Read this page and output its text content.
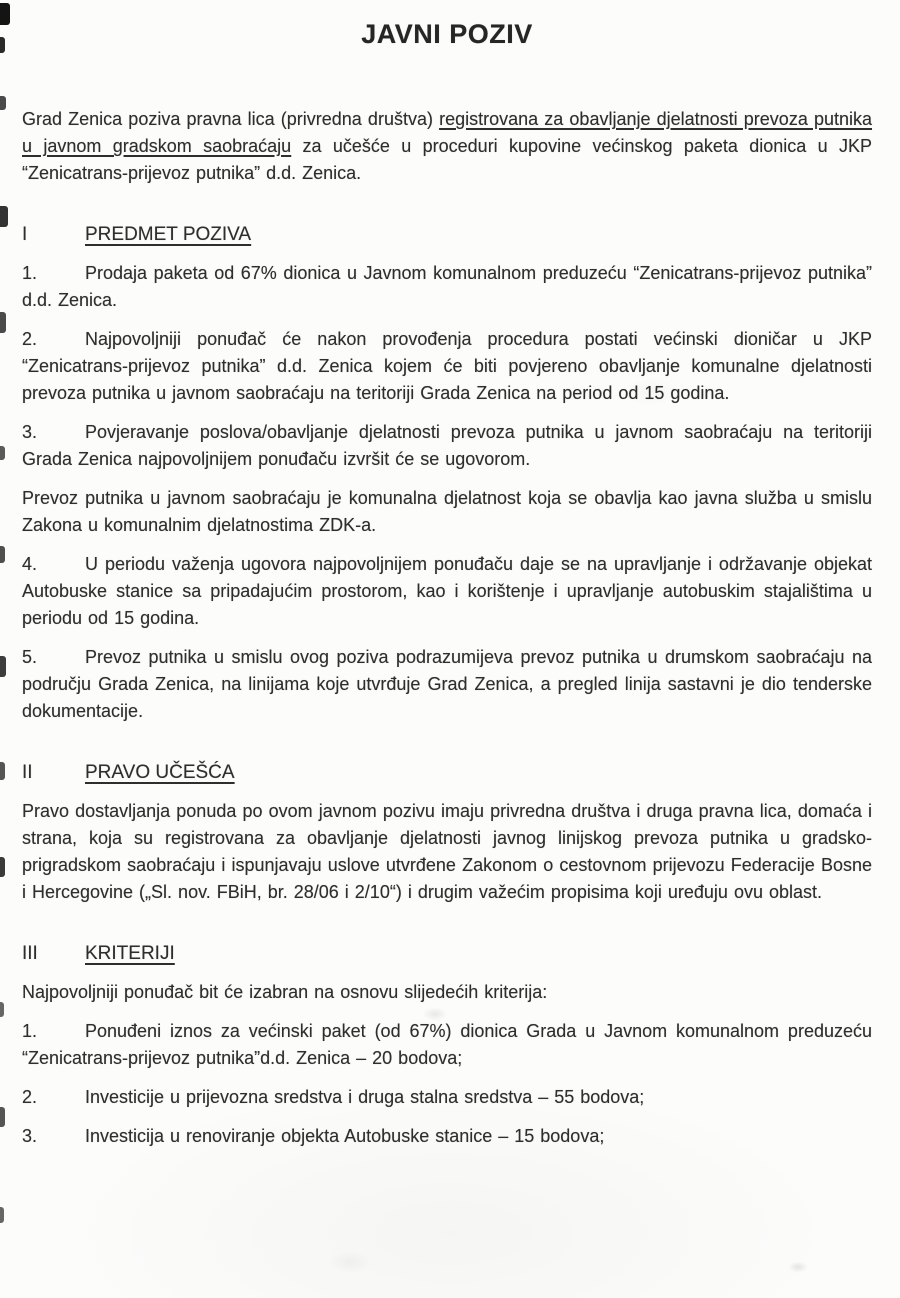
JAVNI POZIV

Grad Zenica poziva pravna lica (privredna društva) registrovana za obavljanje djelatnosti prevoza putnika u javnom gradskom saobraćaju za učešće u proceduri kupovine većinskog paketa dionica u JKP “Zenicatrans-prijevoz putnika” d.d. Zenica.

I	PREDMET POZIVA

1.	Prodaja paketa od 67% dionica u Javnom komunalnom preduzeću “Zenicatrans-prijevoz putnika” d.d. Zenica.

2.	Najpovoljniji ponuđač će nakon provođenja procedura postati većinski dioničar u JKP “Zenicatrans-prijevoz putnika” d.d. Zenica kojem će biti povjereno obavljanje komunalne djelatnosti prevoza putnika u javnom saobraćaju na teritoriji Grada Zenica na period od 15 godina.

3.	Povjeravanje poslova/obavljanje djelatnosti prevoza putnika u javnom saobraćaju na teritoriji Grada Zenica najpovoljnijem ponuđaču izvršit će se ugovorom.

Prevoz putnika u javnom saobraćaju je komunalna djelatnost koja se obavlja kao javna služba u smislu Zakona u komunalnim djelatnostima ZDK-a.

4.	U periodu važenja ugovora najpovoljnijem ponuđaču daje se na upravljanje i održavanje objekat Autobuske stanice sa pripadajućim prostorom, kao i korištenje i upravljanje autobuskim stajalištima u periodu od 15 godina.

5.	Prevoz putnika u smislu ovog poziva podrazumijeva prevoz putnika u drumskom saobraćaju na području Grada Zenica, na linijama koje utvrđuje Grad Zenica, a pregled linija sastavni je dio tenderske dokumentacije.

II	PRAVO UČEŠĆA

Pravo dostavljanja ponuda po ovom javnom pozivu imaju privredna društva i druga pravna lica, domaća i strana, koja su registrovana za obavljanje djelatnosti javnog linijskog prevoza putnika u gradsko-prigradskom saobraćaju i ispunjavaju uslove utvrđene Zakonom o cestovnom prijevozu Federacije Bosne i Hercegovine („Sl. nov. FBiH, br. 28/06 i 2/10“) i drugim važećim propisima koji uređuju ovu oblast.

III KRITERIJI

Najpovoljniji ponuđač bit će izabran na osnovu slijedećih kriterija:

1.	Ponuđeni iznos za većinski paket (od 67%) dionica Grada u Javnom komunalnom preduzeću “Zenicatrans-prijevoz putnika”d.d. Zenica – 20 bodova;

2.	Investicije u prijevozna sredstva i druga stalna sredstva – 55 bodova;

3.	Investicija u renoviranje objekta Autobuske stanice – 15 bodova;
